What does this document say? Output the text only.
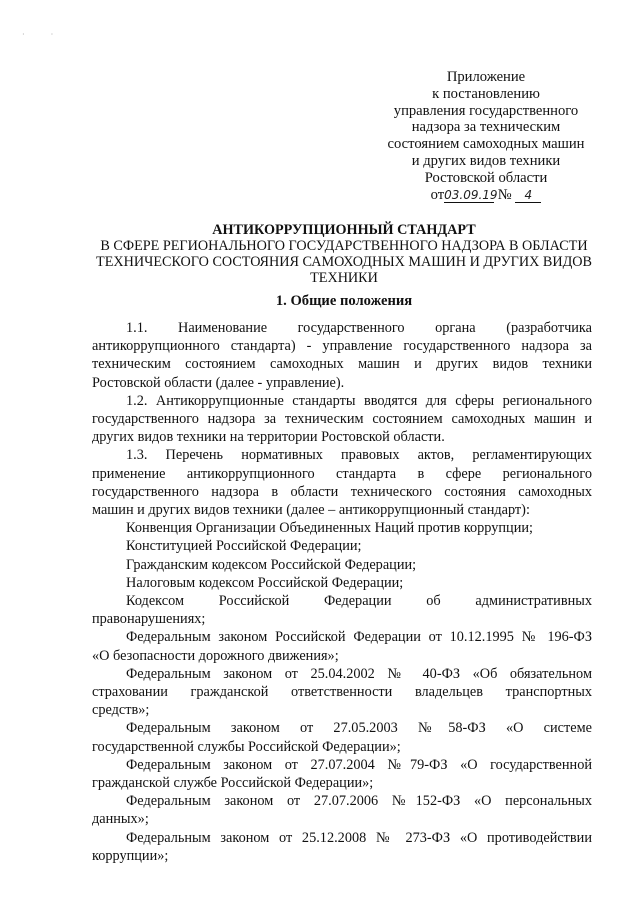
· ·
Приложение
к постановлению
управления государственного
надзора за техническим
состоянием самоходных машин
и других видов техники
Ростовской области
от03.09.19 № 4
АНТИКОРРУПЦИОННЫЙ СТАНДАРТ
В СФЕРЕ РЕГИОНАЛЬНОГО ГОСУДАРСТВЕННОГО НАДЗОРА В ОБЛАСТИ
ТЕХНИЧЕСКОГО СОСТОЯНИЯ САМОХОДНЫХ МАШИН И ДРУГИХ ВИДОВ
ТЕХНИКИ
1. Общие положения
1.1. Наименование государственного органа (разработчика
антикоррупционного стандарта) - управление государственного надзора за
техническим состоянием самоходных машин и других видов техники
Ростовской области (далее - управление).
1.2. Антикоррупционные стандарты вводятся для сферы регионального
государственного надзора за техническим состоянием самоходных машин и
других видов техники на территории Ростовской области.
1.3. Перечень нормативных правовых актов, регламентирующих
применение антикоррупционного стандарта в сфере регионального
государственного надзора в области технического состояния самоходных
машин и других видов техники (далее – антикоррупционный стандарт):
Конвенция Организации Объединенных Наций против коррупции;
Конституцией Российской Федерации;
Гражданским кодексом Российской Федерации;
Налоговым кодексом Российской Федерации;
Кодексом Российской Федерации об административных
правонарушениях;
Федеральным законом Российской Федерации от 10.12.1995 № 196-ФЗ
«О безопасности дорожного движения»;
Федеральным законом от 25.04.2002 № 40-ФЗ «Об обязательном
страховании гражданской ответственности владельцев транспортных
средств»;
Федеральным законом от 27.05.2003 №58-ФЗ «О системе
государственной службы Российской Федерации»;
Федеральным законом от 27.07.2004 №79-ФЗ «О государственной
гражданской службе Российской Федерации»;
Федеральным законом от 27.07.2006 №152-ФЗ «О персональных
данных»;
Федеральным законом от 25.12.2008 № 273-ФЗ «О противодействии
коррупции»;
